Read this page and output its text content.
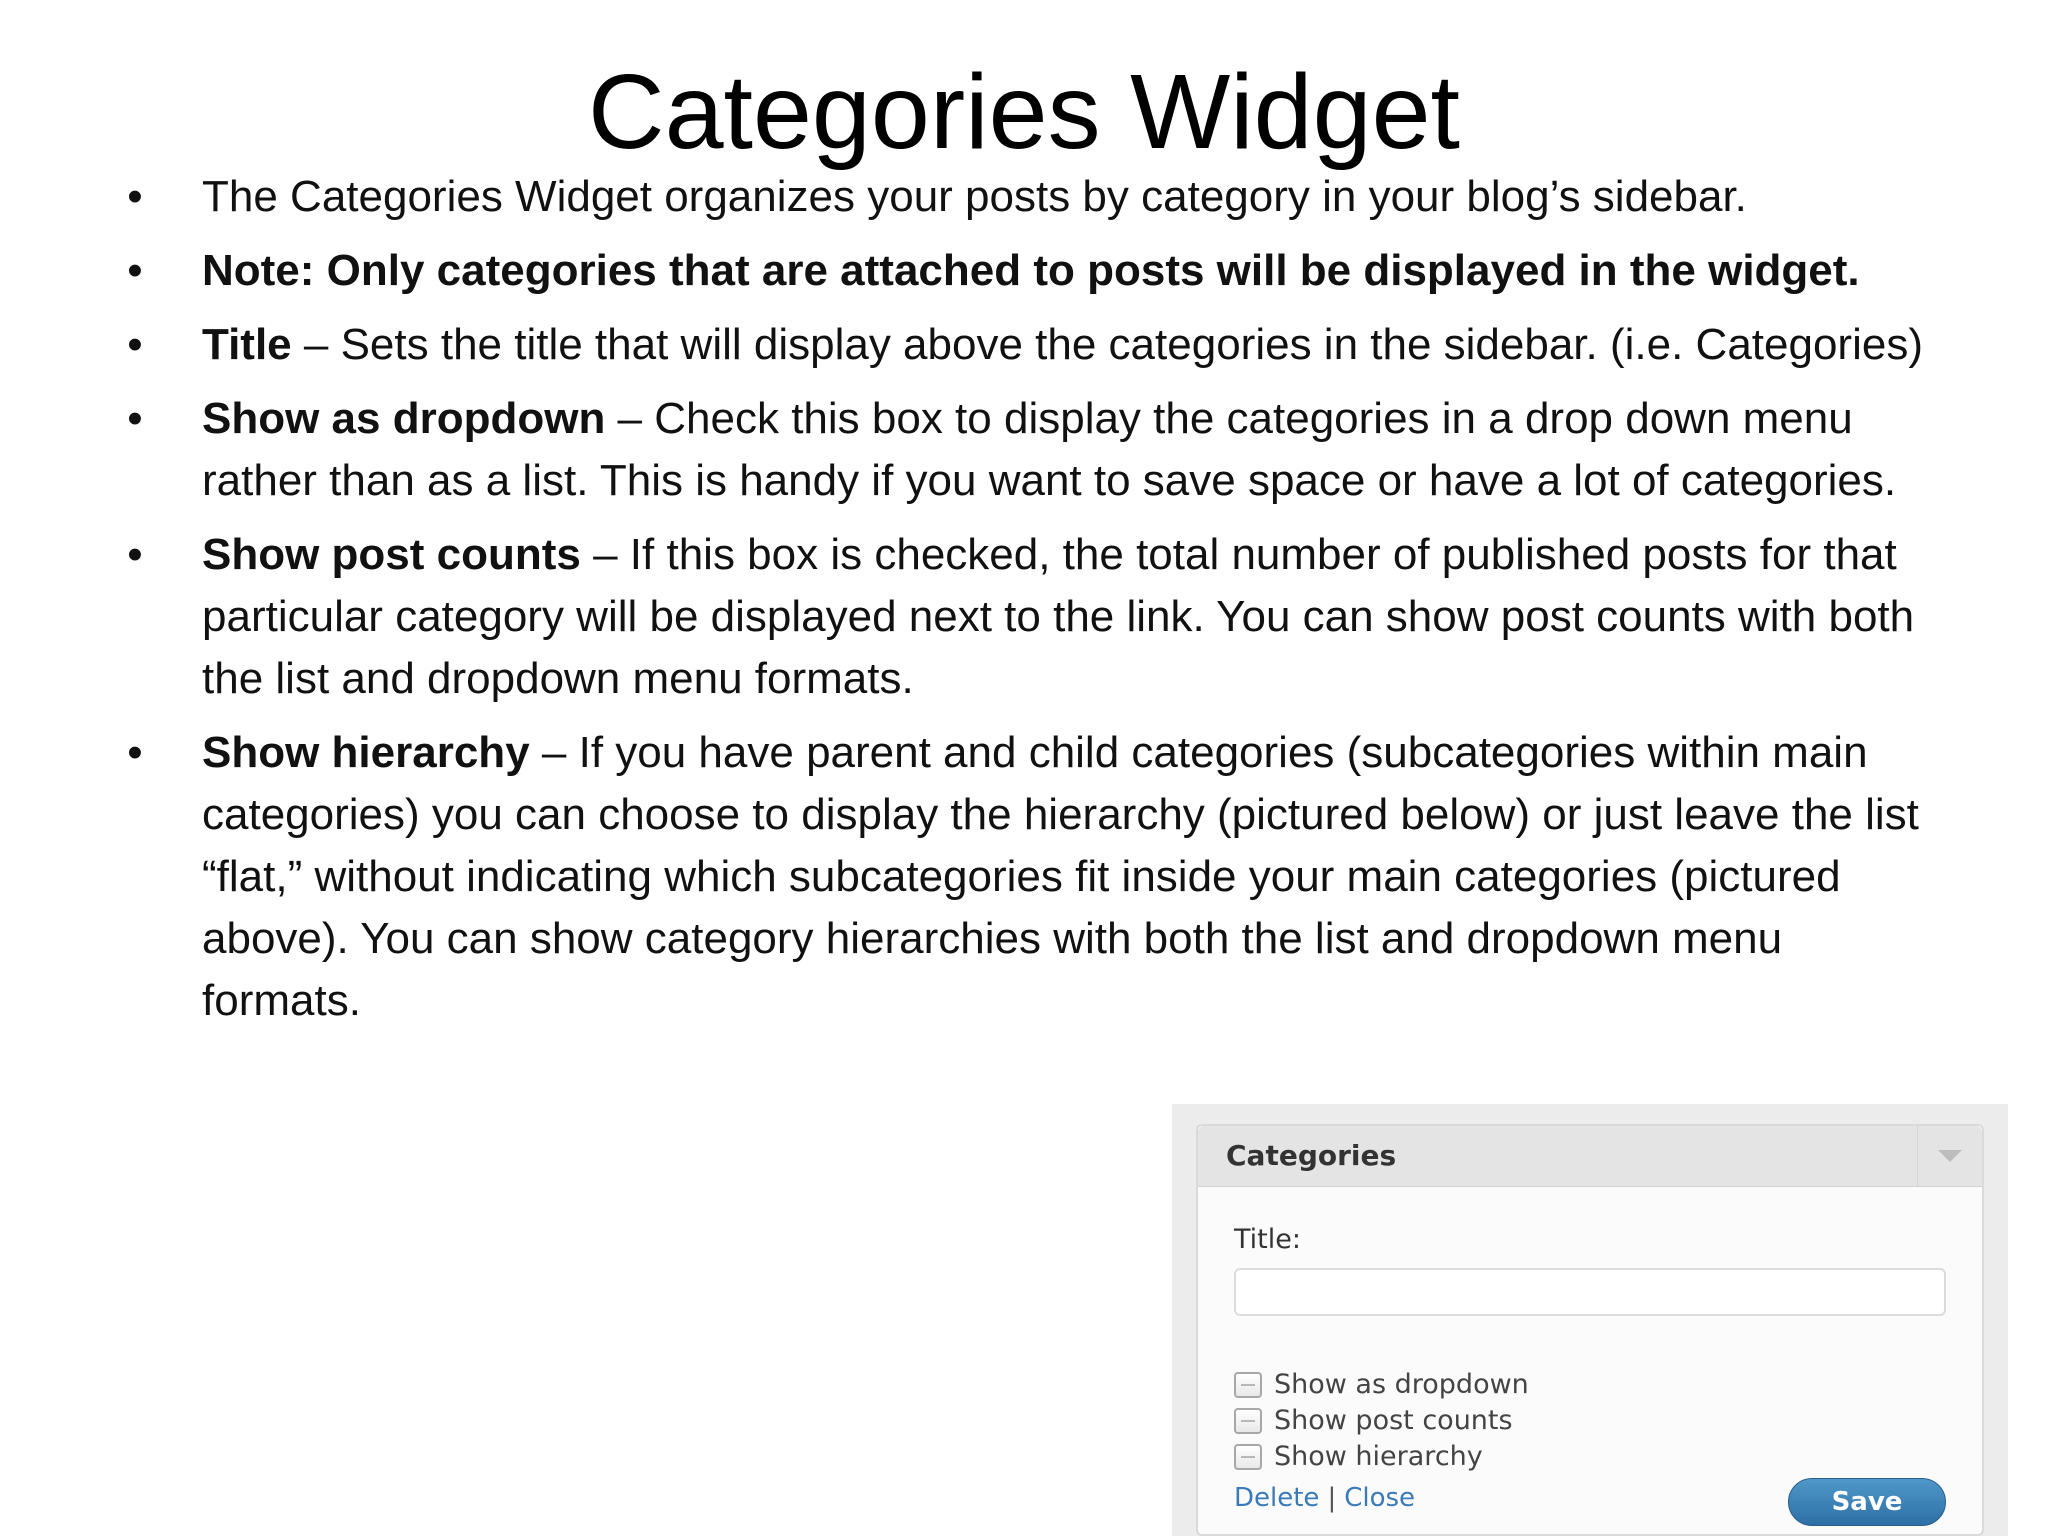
Categories Widget
• The Categories Widget organizes your posts by category in your blog’s sidebar.
• Note: Only categories that are attached to posts will be displayed in the widget.
• Title – Sets the title that will display above the categories in the sidebar. (i.e. Categories)
• Show as dropdown – Check this box to display the categories in a drop down menu rather than as a list. This is handy if you want to save space or have a lot of categories.
• Show post counts – If this box is checked, the total number of published posts for that particular category will be displayed next to the link. You can show post counts with both the list and dropdown menu formats.
• Show hierarchy – If you have parent and child categories (subcategories within main categories) you can choose to display the hierarchy (pictured below) or just leave the list “flat,” without indicating which subcategories fit inside your main categories (pictured above). You can show category hierarchies with both the list and dropdown menu formats.
Categories
Title:
Show as dropdown
Show post counts
Show hierarchy
Delete | Close	Save
